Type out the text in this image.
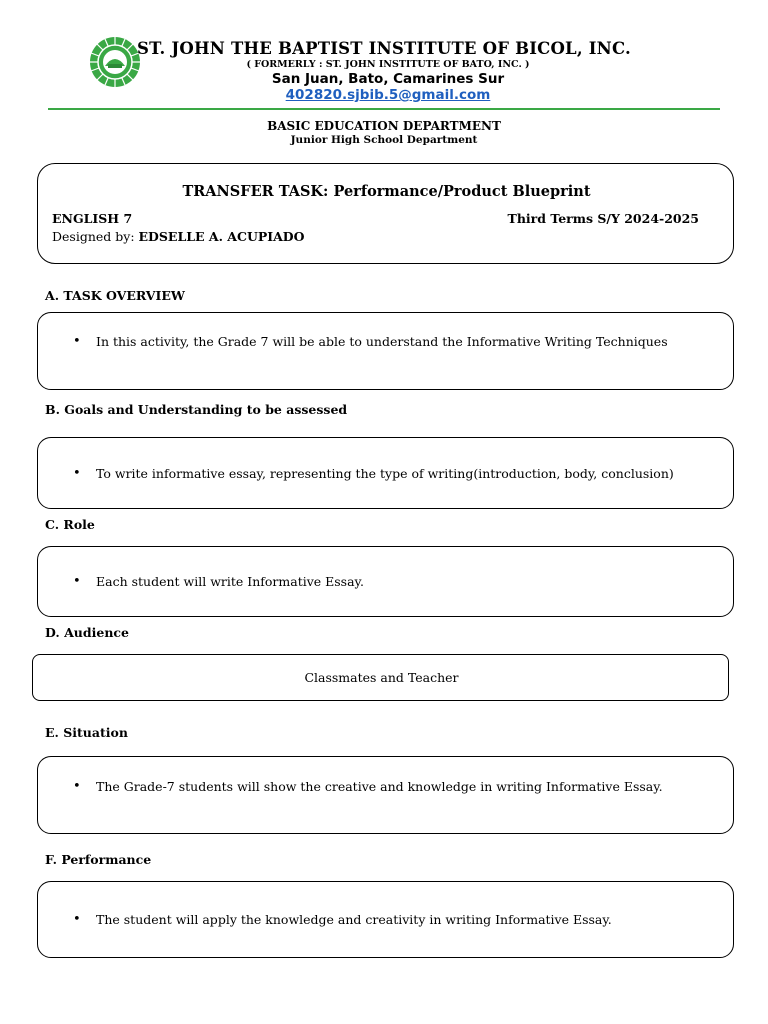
ST. JOHN THE BAPTIST INSTITUTE OF BICOL, INC.
( FORMERLY : ST. JOHN INSTITUTE OF BATO, INC. )
San Juan, Bato, Camarines Sur
402820.sjbib.5@gmail.com
BASIC EDUCATION DEPARTMENT
Junior High School Department
TRANSFER TASK: Performance/Product Blueprint
ENGLISH 7	Third Terms S/Y 2024-2025
Designed by: EDSELLE A. ACUPIADO
A. TASK OVERVIEW
• In this activity, the Grade 7 will be able to understand the Informative Writing Techniques
B. Goals and Understanding to be assessed
• To write informative essay, representing the type of writing(introduction, body, conclusion)
C. Role
• Each student will write Informative Essay.
D. Audience
Classmates and Teacher
E. Situation
• The Grade-7 students will show the creative and knowledge in writing Informative Essay.
F. Performance
• The student will apply the knowledge and creativity in writing Informative Essay.
